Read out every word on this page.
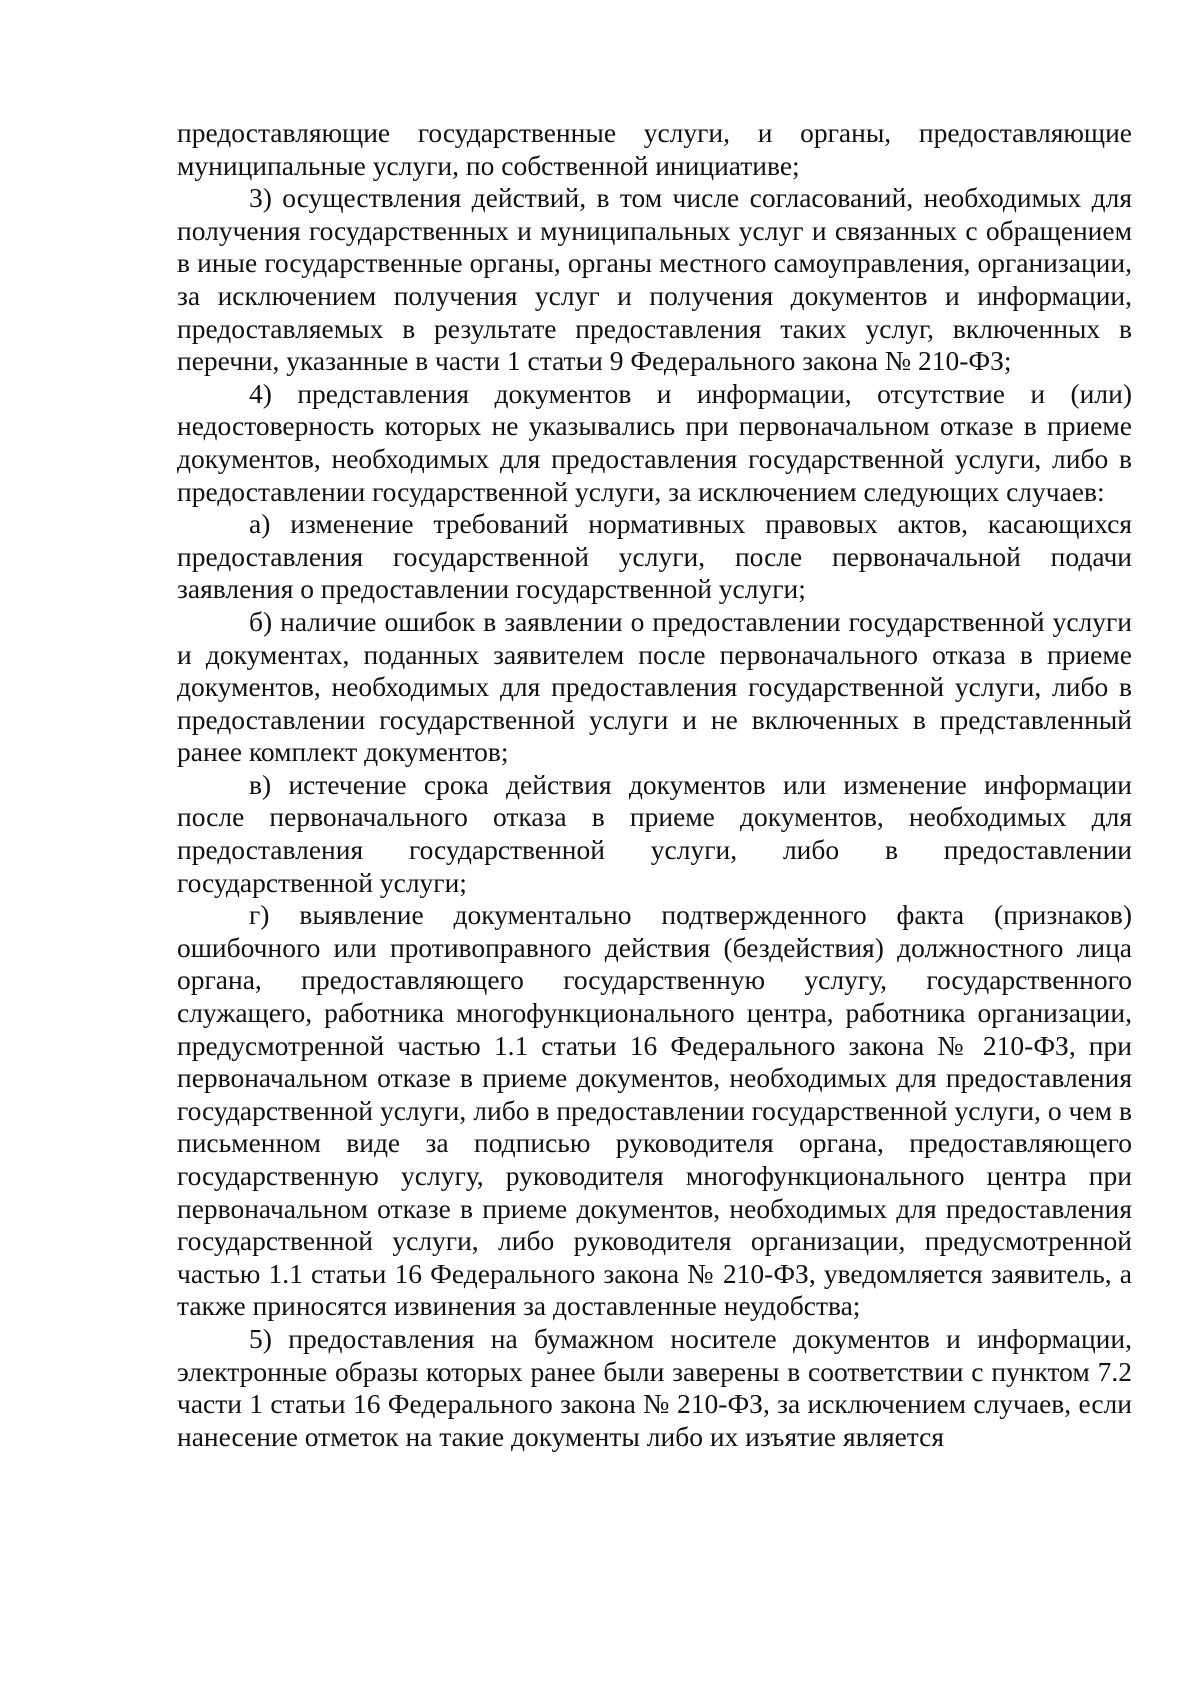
предоставляющие государственные услуги, и органы, предоставляющие муниципальные услуги, по собственной инициативе;

3) осуществления действий, в том числе согласований, необходимых для получения государственных и муниципальных услуг и связанных с обращением в иные государственные органы, органы местного самоуправления, организации, за исключением получения услуг и получения документов и информации, предоставляемых в результате предоставления таких услуг, включенных в перечни, указанные в части 1 статьи 9 Федерального закона № 210-ФЗ;

4) представления документов и информации, отсутствие и (или) недостоверность которых не указывались при первоначальном отказе в приеме документов, необходимых для предоставления государственной услуги, либо в предоставлении государственной услуги, за исключением следующих случаев:

а) изменение требований нормативных правовых актов, касающихся предоставления государственной услуги, после первоначальной подачи заявления о предоставлении государственной услуги;

б) наличие ошибок в заявлении о предоставлении государственной услуги и документах, поданных заявителем после первоначального отказа в приеме документов, необходимых для предоставления государственной услуги, либо в предоставлении государственной услуги и не включенных в представленный ранее комплект документов;

в) истечение срока действия документов или изменение информации после первоначального отказа в приеме документов, необходимых для предоставления государственной услуги, либо в предоставлении государственной услуги;

г) выявление документально подтвержденного факта (признаков) ошибочного или противоправного действия (бездействия) должностного лица органа, предоставляющего государственную услугу, государственного служащего, работника многофункционального центра, работника организации, предусмотренной частью 1.1 статьи 16 Федерального закона № 210-ФЗ, при первоначальном отказе в приеме документов, необходимых для предоставления государственной услуги, либо в предоставлении государственной услуги, о чем в письменном виде за подписью руководителя органа, предоставляющего государственную услугу, руководителя многофункционального центра при первоначальном отказе в приеме документов, необходимых для предоставления государственной услуги, либо руководителя организации, предусмотренной частью 1.1 статьи 16 Федерального закона № 210-ФЗ, уведомляется заявитель, а также приносятся извинения за доставленные неудобства;

5) предоставления на бумажном носителе документов и информации, электронные образы которых ранее были заверены в соответствии с пунктом 7.2 части 1 статьи 16 Федерального закона № 210-ФЗ, за исключением случаев, если нанесение отметок на такие документы либо их изъятие является
